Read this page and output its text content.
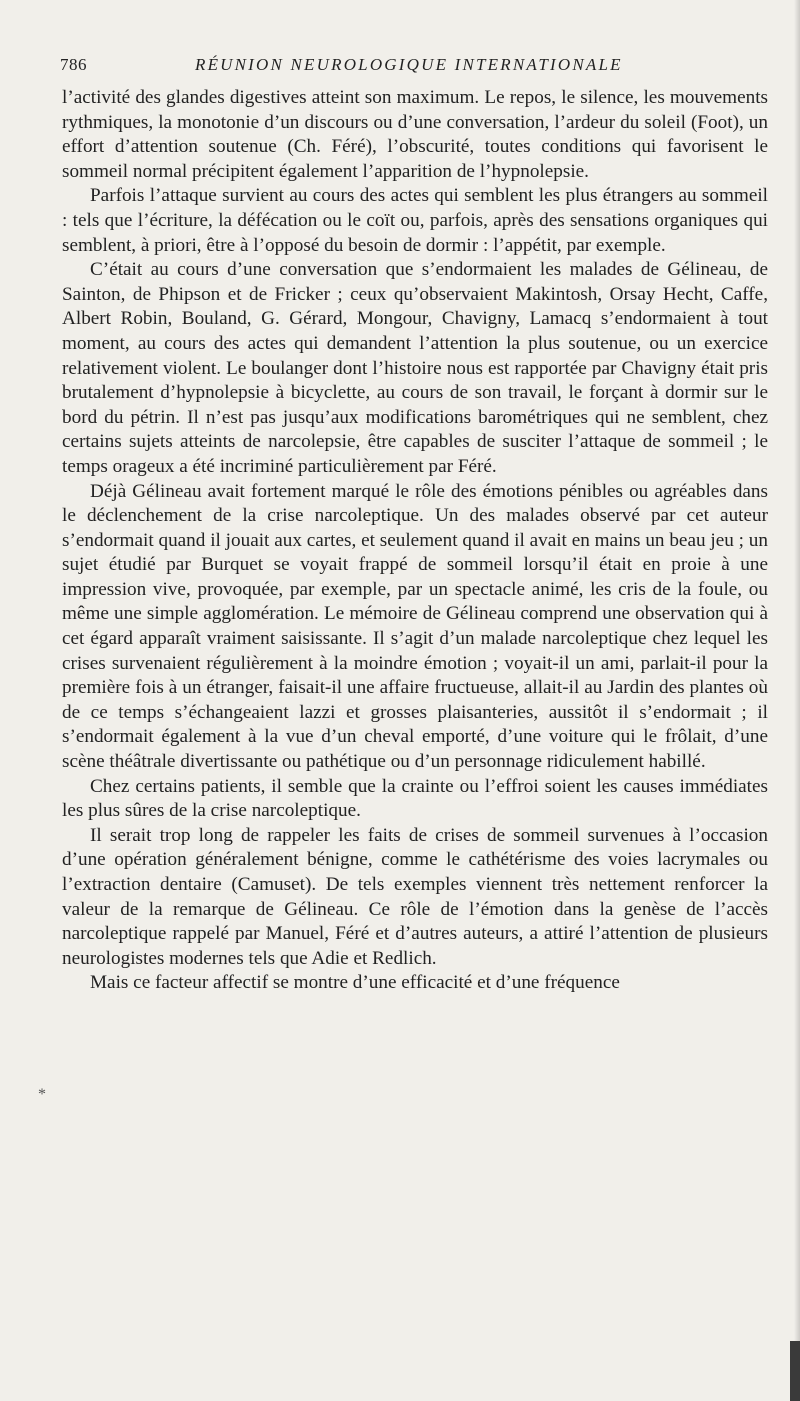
786	RÉUNION NEUROLOGIQUE INTERNATIONALE

l’activité des glandes digestives atteint son maximum. Le repos, le silence, les mouvements rythmiques, la monotonie d’un discours ou d’une conversation, l’ardeur du soleil (Foot), un effort d’attention soutenue (Ch. Féré), l’obscurité, toutes conditions qui favorisent le sommeil normal précipitent également l’apparition de l’hypnolepsie.

Parfois l’attaque survient au cours des actes qui semblent les plus étrangers au sommeil : tels que l’écriture, la défécation ou le coït ou, parfois, après des sensations organiques qui semblent, à priori, être à l’opposé du besoin de dormir : l’appétit, par exemple.

C’était au cours d’une conversation que s’endormaient les malades de Gélineau, de Sainton, de Phipson et de Fricker ; ceux qu’observaient Makintosh, Orsay Hecht, Caffe, Albert Robin, Bouland, G. Gérard, Mongour, Chavigny, Lamacq s’endormaient à tout moment, au cours des actes qui demandent l’attention la plus soutenue, ou un exercice relativement violent. Le boulanger dont l’histoire nous est rapportée par Chavigny était pris brutalement d’hypnolepsie à bicyclette, au cours de son travail, le forçant à dormir sur le bord du pétrin. Il n’est pas jusqu’aux modifications barométriques qui ne semblent, chez certains sujets atteints de narcolepsie, être capables de susciter l’attaque de sommeil ; le temps orageux a été incriminé particulièrement par Féré.

Déjà Gélineau avait fortement marqué le rôle des émotions pénibles ou agréables dans le déclenchement de la crise narcoleptique. Un des malades observé par cet auteur s’endormait quand il jouait aux cartes, et seulement quand il avait en mains un beau jeu ; un sujet étudié par Burquet se voyait frappé de sommeil lorsqu’il était en proie à une impression vive, provoquée, par exemple, par un spectacle animé, les cris de la foule, ou même une simple agglomération. Le mémoire de Gélineau comprend une observation qui à cet égard apparaît vraiment saisissante. Il s’agit d’un malade narcoleptique chez lequel les crises survenaient régulièrement à la moindre émotion ; voyait-il un ami, parlait-il pour la première fois à un étranger, faisait-il une affaire fructueuse, allait-il au Jardin des plantes où de ce temps s’échangeaient lazzi et grosses plaisanteries, aussitôt il s’endormait ; il s’endormait également à la vue d’un cheval emporté, d’une voiture qui le frôlait, d’une scène théâtrale divertissante ou pathétique ou d’un personnage ridiculement habillé.

Chez certains patients, il semble que la crainte ou l’effroi soient les causes immédiates les plus sûres de la crise narcoleptique.

Il serait trop long de rappeler les faits de crises de sommeil survenues à l’occasion d’une opération généralement bénigne, comme le cathétérisme des voies lacrymales ou l’extraction dentaire (Camuset). De tels exemples viennent très nettement renforcer la valeur de la remarque de Gélineau. Ce rôle de l’émotion dans la genèse de l’accès narcoleptique rappelé par Manuel, Féré et d’autres auteurs, a attiré l’attention de plusieurs neurologistes modernes tels que Adie et Redlich.

Mais ce facteur affectif se montre d’une efficacité et d’une fréquence

*
